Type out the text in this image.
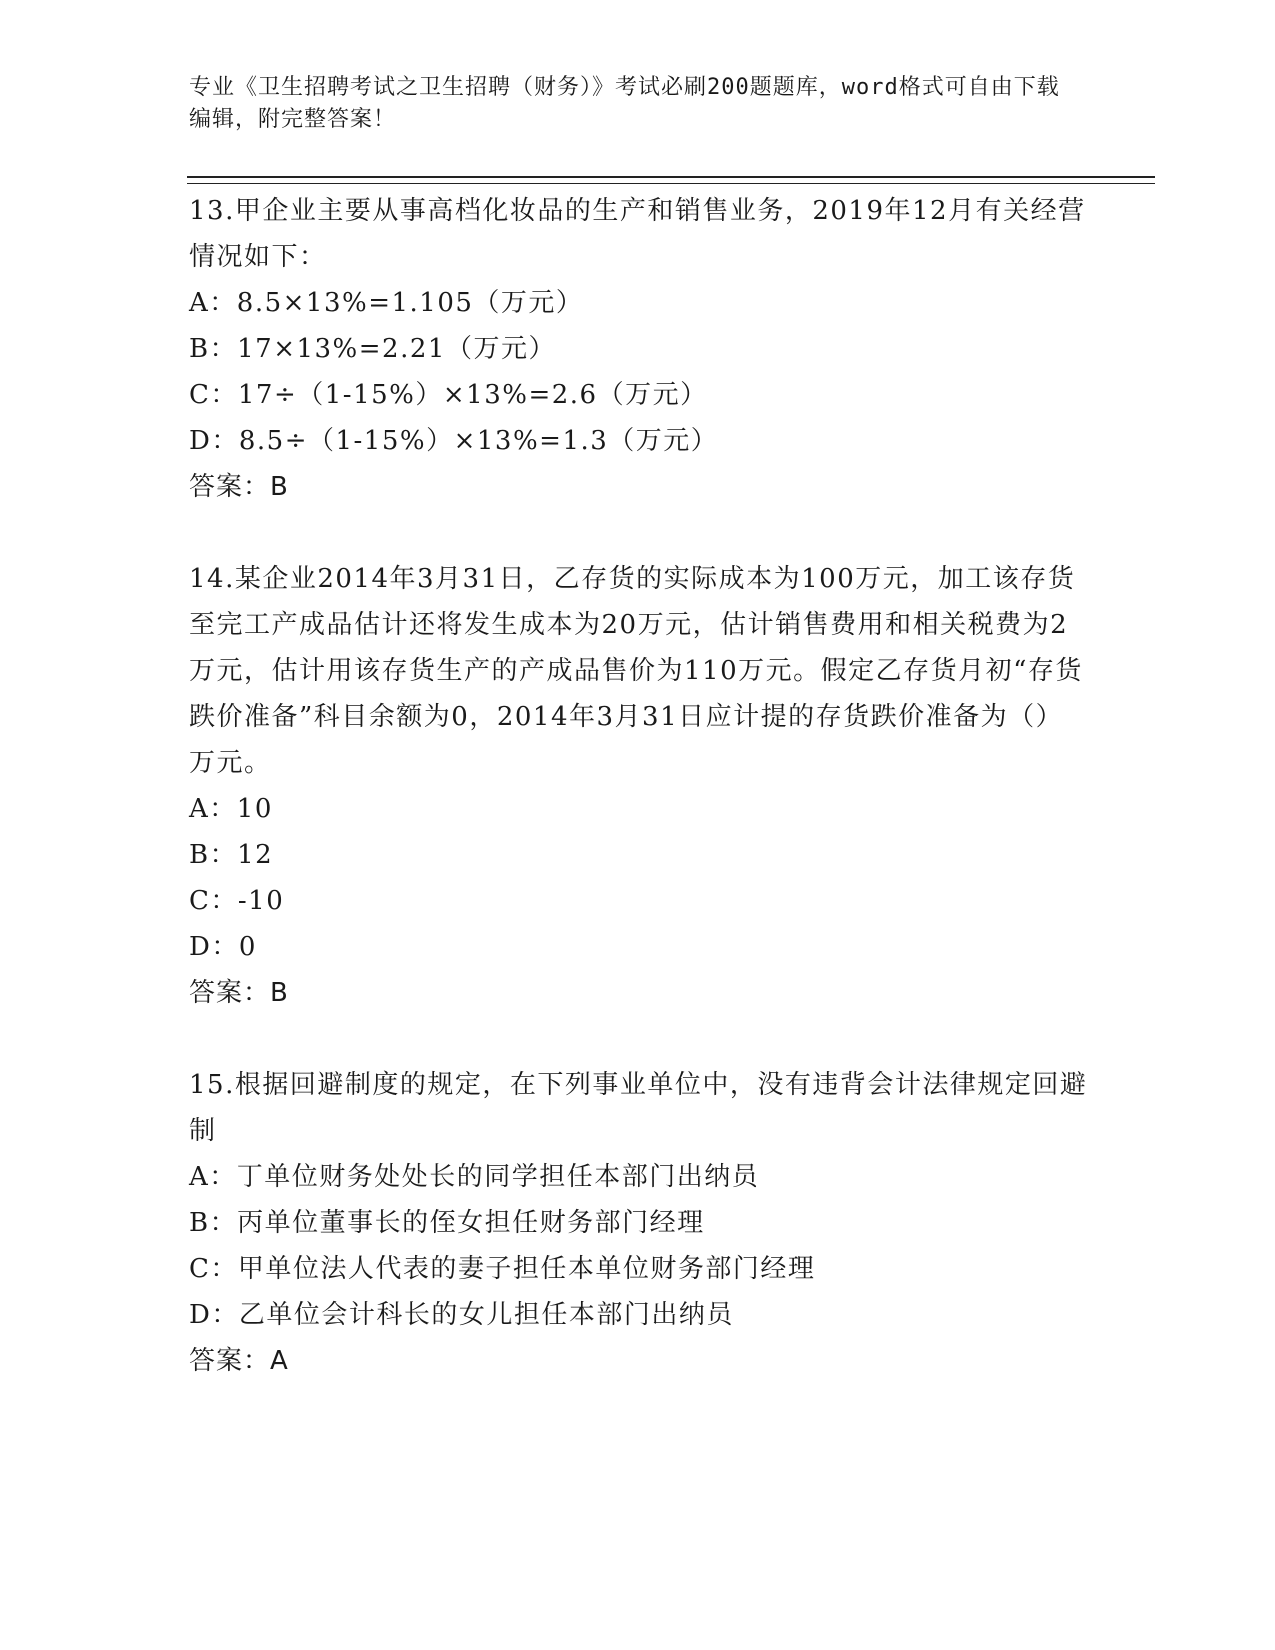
专业《卫生招聘考试之卫生招聘（财务）》考试必刷200题题库，word格式可自由下载编辑，附完整答案！

13.甲企业主要从事高档化妆品的生产和销售业务，2019年12月有关经营情况如下：

A：8.5×13%=1.105（万元）

B：17×13%=2.21（万元）

C：17÷（1-15%）×13%=2.6（万元）

D：8.5÷（1-15%）×13%=1.3（万元）

答案：B

14.某企业2014年3月31日，乙存货的实际成本为100万元，加工该存货至完工产成品估计还将发生成本为20万元，估计销售费用和相关税费为2万元，估计用该存货生产的产成品售价为110万元。假定乙存货月初“存货跌价准备”科目余额为0，2014年3月31日应计提的存货跌价准备为（）万元。

A：10

B：12

C：-10

D：0

答案：B

15.根据回避制度的规定，在下列事业单位中，没有违背会计法律规定回避制

A：丁单位财务处处长的同学担任本部门出纳员

B：丙单位董事长的侄女担任财务部门经理

C：甲单位法人代表的妻子担任本单位财务部门经理

D：乙单位会计科长的女儿担任本部门出纳员

答案：A
